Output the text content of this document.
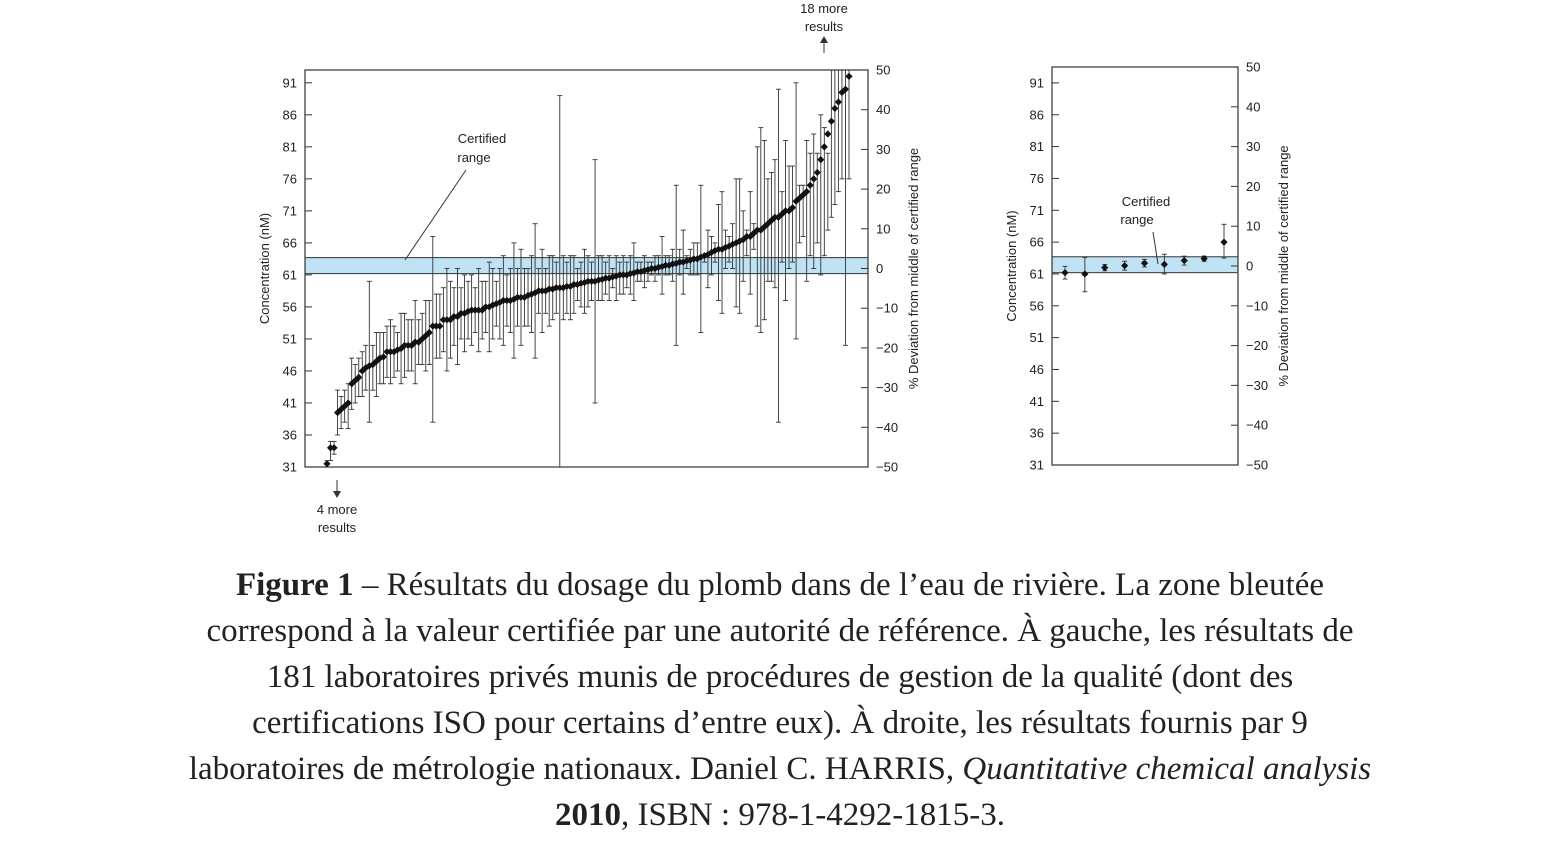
31
36
41
46
51
56
61
66
71
76
81
86
91
50
40
30
20
10
0
−10
−20
−30
−40
−50
Concentration (nM)	% Deviation from middle of certified range
Certified
range
31
36
41
46
51
56
61
66
71
76
81
86
91
50
40
30
20
10
0
−10
−20
−30
−40
−50
Concentration (nM)	% Deviation from middle of certified range
Certified
range
18 more
results
4 more
results
Figure 1 – Résultats du dosage du plomb dans de l’eau de rivière. La zone bleutée
correspond à la valeur certifiée par une autorité de référence. À gauche, les résultats de
181 laboratoires privés munis de procédures de gestion de la qualité (dont des
certifications ISO pour certains d’entre eux). À droite, les résultats fournis par 9
laboratoires de métrologie nationaux. Daniel C. HARRIS, Quantitative chemical analysis
2010, ISBN : 978-1-4292-1815-3.
